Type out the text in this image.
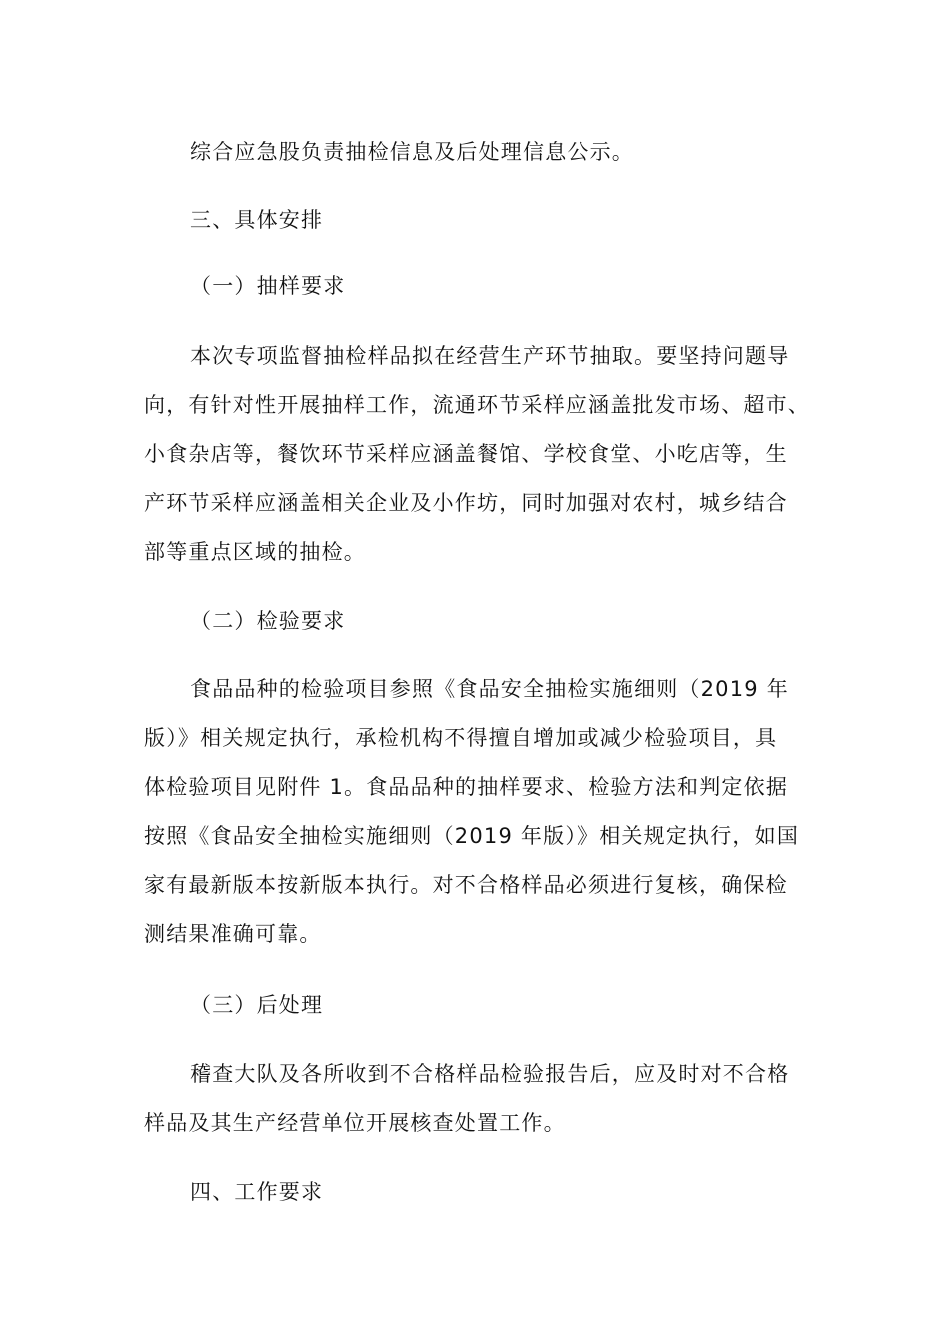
综合应急股负责抽检信息及后处理信息公示。

三、具体安排

（一）抽样要求

本次专项监督抽检样品拟在经营生产环节抽取。要坚持问题导
向，有针对性开展抽样工作，流通环节采样应涵盖批发市场、超市、
小食杂店等，餐饮环节采样应涵盖餐馆、学校食堂、小吃店等，生
产环节采样应涵盖相关企业及小作坊，同时加强对农村，城乡结合
部等重点区域的抽检。

（二）检验要求

食品品种的检验项目参照《食品安全抽检实施细则（2019 年
版）》相关规定执行，承检机构不得擅自增加或减少检验项目，具
体检验项目见附件 1。食品品种的抽样要求、检验方法和判定依据
按照《食品安全抽检实施细则（2019 年版）》相关规定执行，如国
家有最新版本按新版本执行。对不合格样品必须进行复核，确保检
测结果准确可靠。

（三）后处理

稽查大队及各所收到不合格样品检验报告后，应及时对不合格
样品及其生产经营单位开展核查处置工作。

四、工作要求
